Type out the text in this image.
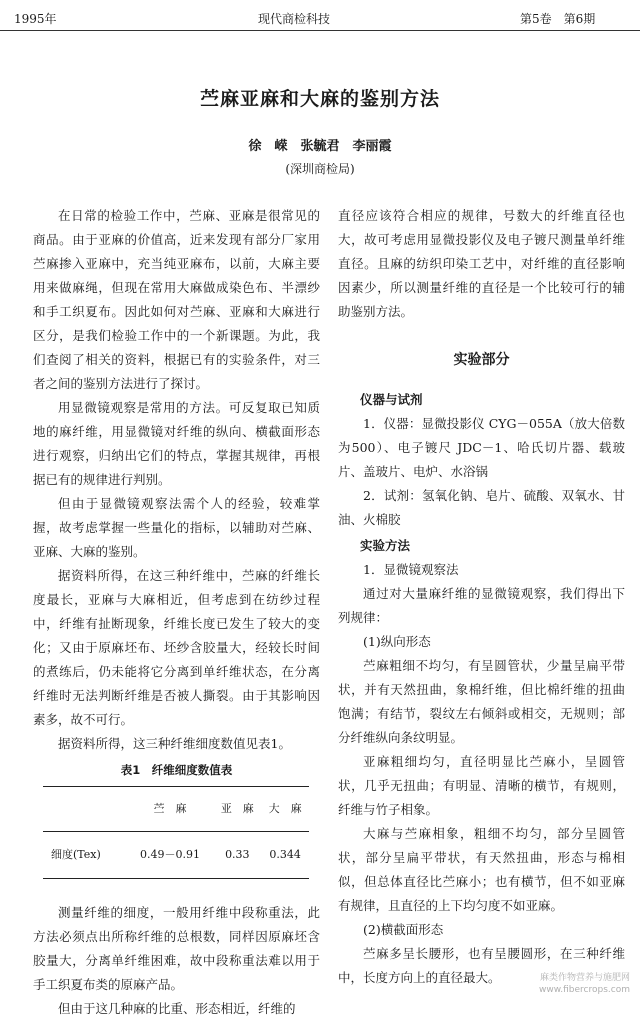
1995年	现代商检科技	第5卷　第6期
苎麻亚麻和大麻的鉴别方法
徐　嵘　张毓君　李丽霞
(深圳商检局)

在日常的检验工作中，苎麻、亚麻是很常见的商品。由于亚麻的价值高，近来发现有部分厂家用苎麻掺入亚麻中，充当纯亚麻布，以前，大麻主要用来做麻绳，但现在常用大麻做成染色布、半漂纱和手工织夏布。因此如何对苎麻、亚麻和大麻进行区分，是我们检验工作中的一个新课题。为此，我们查阅了相关的资料，根据已有的实验条件，对三者之间的鉴别方法进行了探讨。

用显微镜观察是常用的方法。可反复取已知质地的麻纤维，用显微镜对纤维的纵向、横截面形态进行观察，归纳出它们的特点，掌握其规律，再根据已有的规律进行判别。

但由于显微镜观察法需个人的经验，较难掌握，故考虑掌握一些量化的指标，以辅助对苎麻、亚麻、大麻的鉴别。

据资料所得，在这三种纤维中，苎麻的纤维长度最长，亚麻与大麻相近，但考虑到在纺纱过程中，纤维有扯断现象，纤维长度已发生了较大的变化；又由于原麻坯布、坯纱含胶量大，经较长时间的煮练后，仍未能将它分离到单纤维状态，在分离纤维时无法判断纤维是否被人撕裂。由于其影响因素多，故不可行。

据资料所得，这三种纤维细度数值见表1。

表1　纤维细度数值表
	苎　麻	亚　麻	大　麻
细度(Tex)	0.49－0.91	0.33	0.344

测量纤维的细度，一般用纤维中段称重法，此方法必须点出所称纤维的总根数，同样因原麻坯含胶量大，分离单纤维困难，故中段称重法难以用于手工织夏布类的原麻产品。

但由于这几种麻的比重、形态相近，纤维的

直径应该符合相应的规律，号数大的纤维直径也大，故可考虑用显微投影仪及电子镀尺测量单纤维直径。且麻的纺织印染工艺中，对纤维的直径影响因素少，所以测量纤维的直径是一个比较可行的辅助鉴别方法。

实验部分
仪器与试剂

1．仪器：显微投影仪 CYG－055A（放大倍数为500）、电子镀尺 JDC－1、哈氏切片器、载玻片、盖玻片、电炉、水浴锅

2．试剂：氢氧化钠、皂片、硫酸、双氧水、甘油、火棉胶

实验方法

1．显微镜观察法

通过对大量麻纤维的显微镜观察，我们得出下列规律：

(1)纵向形态

苎麻粗细不均匀，有呈圆管状，少量呈扁平带状，并有天然扭曲，象棉纤维，但比棉纤维的扭曲饱满；有结节，裂纹左右倾斜或相交，无规则；部分纤维纵向条纹明显。

亚麻粗细均匀，直径明显比苎麻小，呈圆管状，几乎无扭曲；有明显、清晰的横节，有规则，纤维与竹子相象。

大麻与苎麻相象，粗细不均匀，部分呈圆管状，部分呈扁平带状，有天然扭曲，形态与棉相似，但总体直径比苎麻小；也有横节，但不如亚麻有规律，且直径的上下均匀度不如亚麻。

(2)横截面形态

苎麻多呈长腰形，也有呈腰圆形，在三种纤维中，长度方向上的直径最大。	麻类作物营养与施肥网
www.fibercrops.com
